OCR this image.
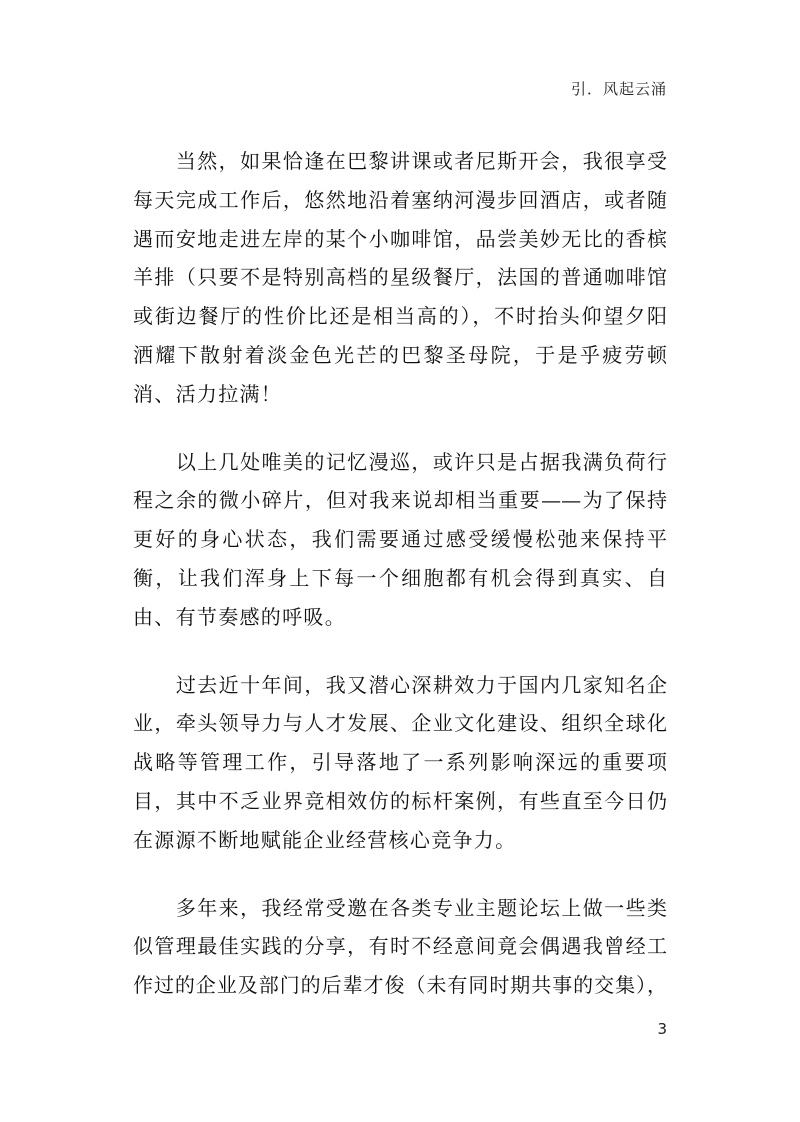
引．风起云涌
　　当然，如果恰逢在巴黎讲课或者尼斯开会，我很享受
每天完成工作后，悠然地沿着塞纳河漫步回酒店，或者随
遇而安地走进左岸的某个小咖啡馆，品尝美妙无比的香槟
羊排（只要不是特别高档的星级餐厅，法国的普通咖啡馆
或街边餐厅的性价比还是相当高的），不时抬头仰望夕阳
洒耀下散射着淡金色光芒的巴黎圣母院，于是乎疲劳顿
消、活力拉满！
　　以上几处唯美的记忆漫巡，或许只是占据我满负荷行
程之余的微小碎片，但对我来说却相当重要——为了保持
更好的身心状态，我们需要通过感受缓慢松弛来保持平
衡，让我们浑身上下每一个细胞都有机会得到真实、自
由、有节奏感的呼吸。
　　过去近十年间，我又潜心深耕效力于国内几家知名企
业，牵头领导力与人才发展、企业文化建设、组织全球化
战略等管理工作，引导落地了一系列影响深远的重要项
目，其中不乏业界竞相效仿的标杆案例，有些直至今日仍
在源源不断地赋能企业经营核心竞争力。
　　多年来，我经常受邀在各类专业主题论坛上做一些类
似管理最佳实践的分享，有时不经意间竟会偶遇我曾经工
作过的企业及部门的后辈才俊（未有同时期共事的交集），
3
